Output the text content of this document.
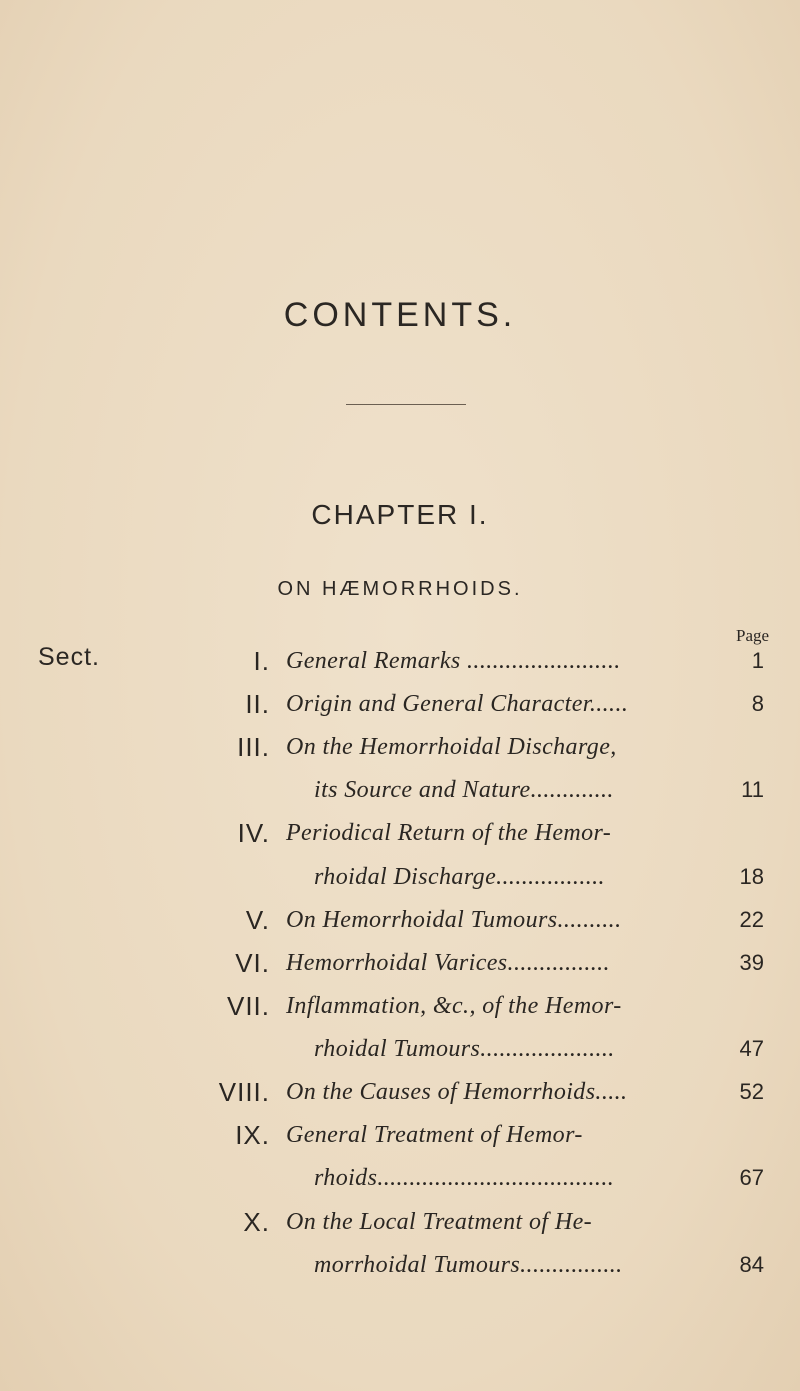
CONTENTS.
CHAPTER I.
ON HÆMORRHOIDS.
Page
Sect.	I. General Remarks ........................	1
II. Origin and General Character......	8
III. On the Hemorrhoidal Discharge,
its Source and Nature.............	11
IV. Periodical Return of the Hemor-
rhoidal Discharge.................	18
V. On Hemorrhoidal Tumours..........	22
VI. Hemorrhoidal Varices................	39
VII. Inflammation, &c., of the Hemor-
rhoidal Tumours.....................	47
VIII. On the Causes of Hemorrhoids.....	52
IX. General Treatment of Hemor-
rhoids.....................................	67
X. On the Local Treatment of He-
morrhoidal Tumours................	84
